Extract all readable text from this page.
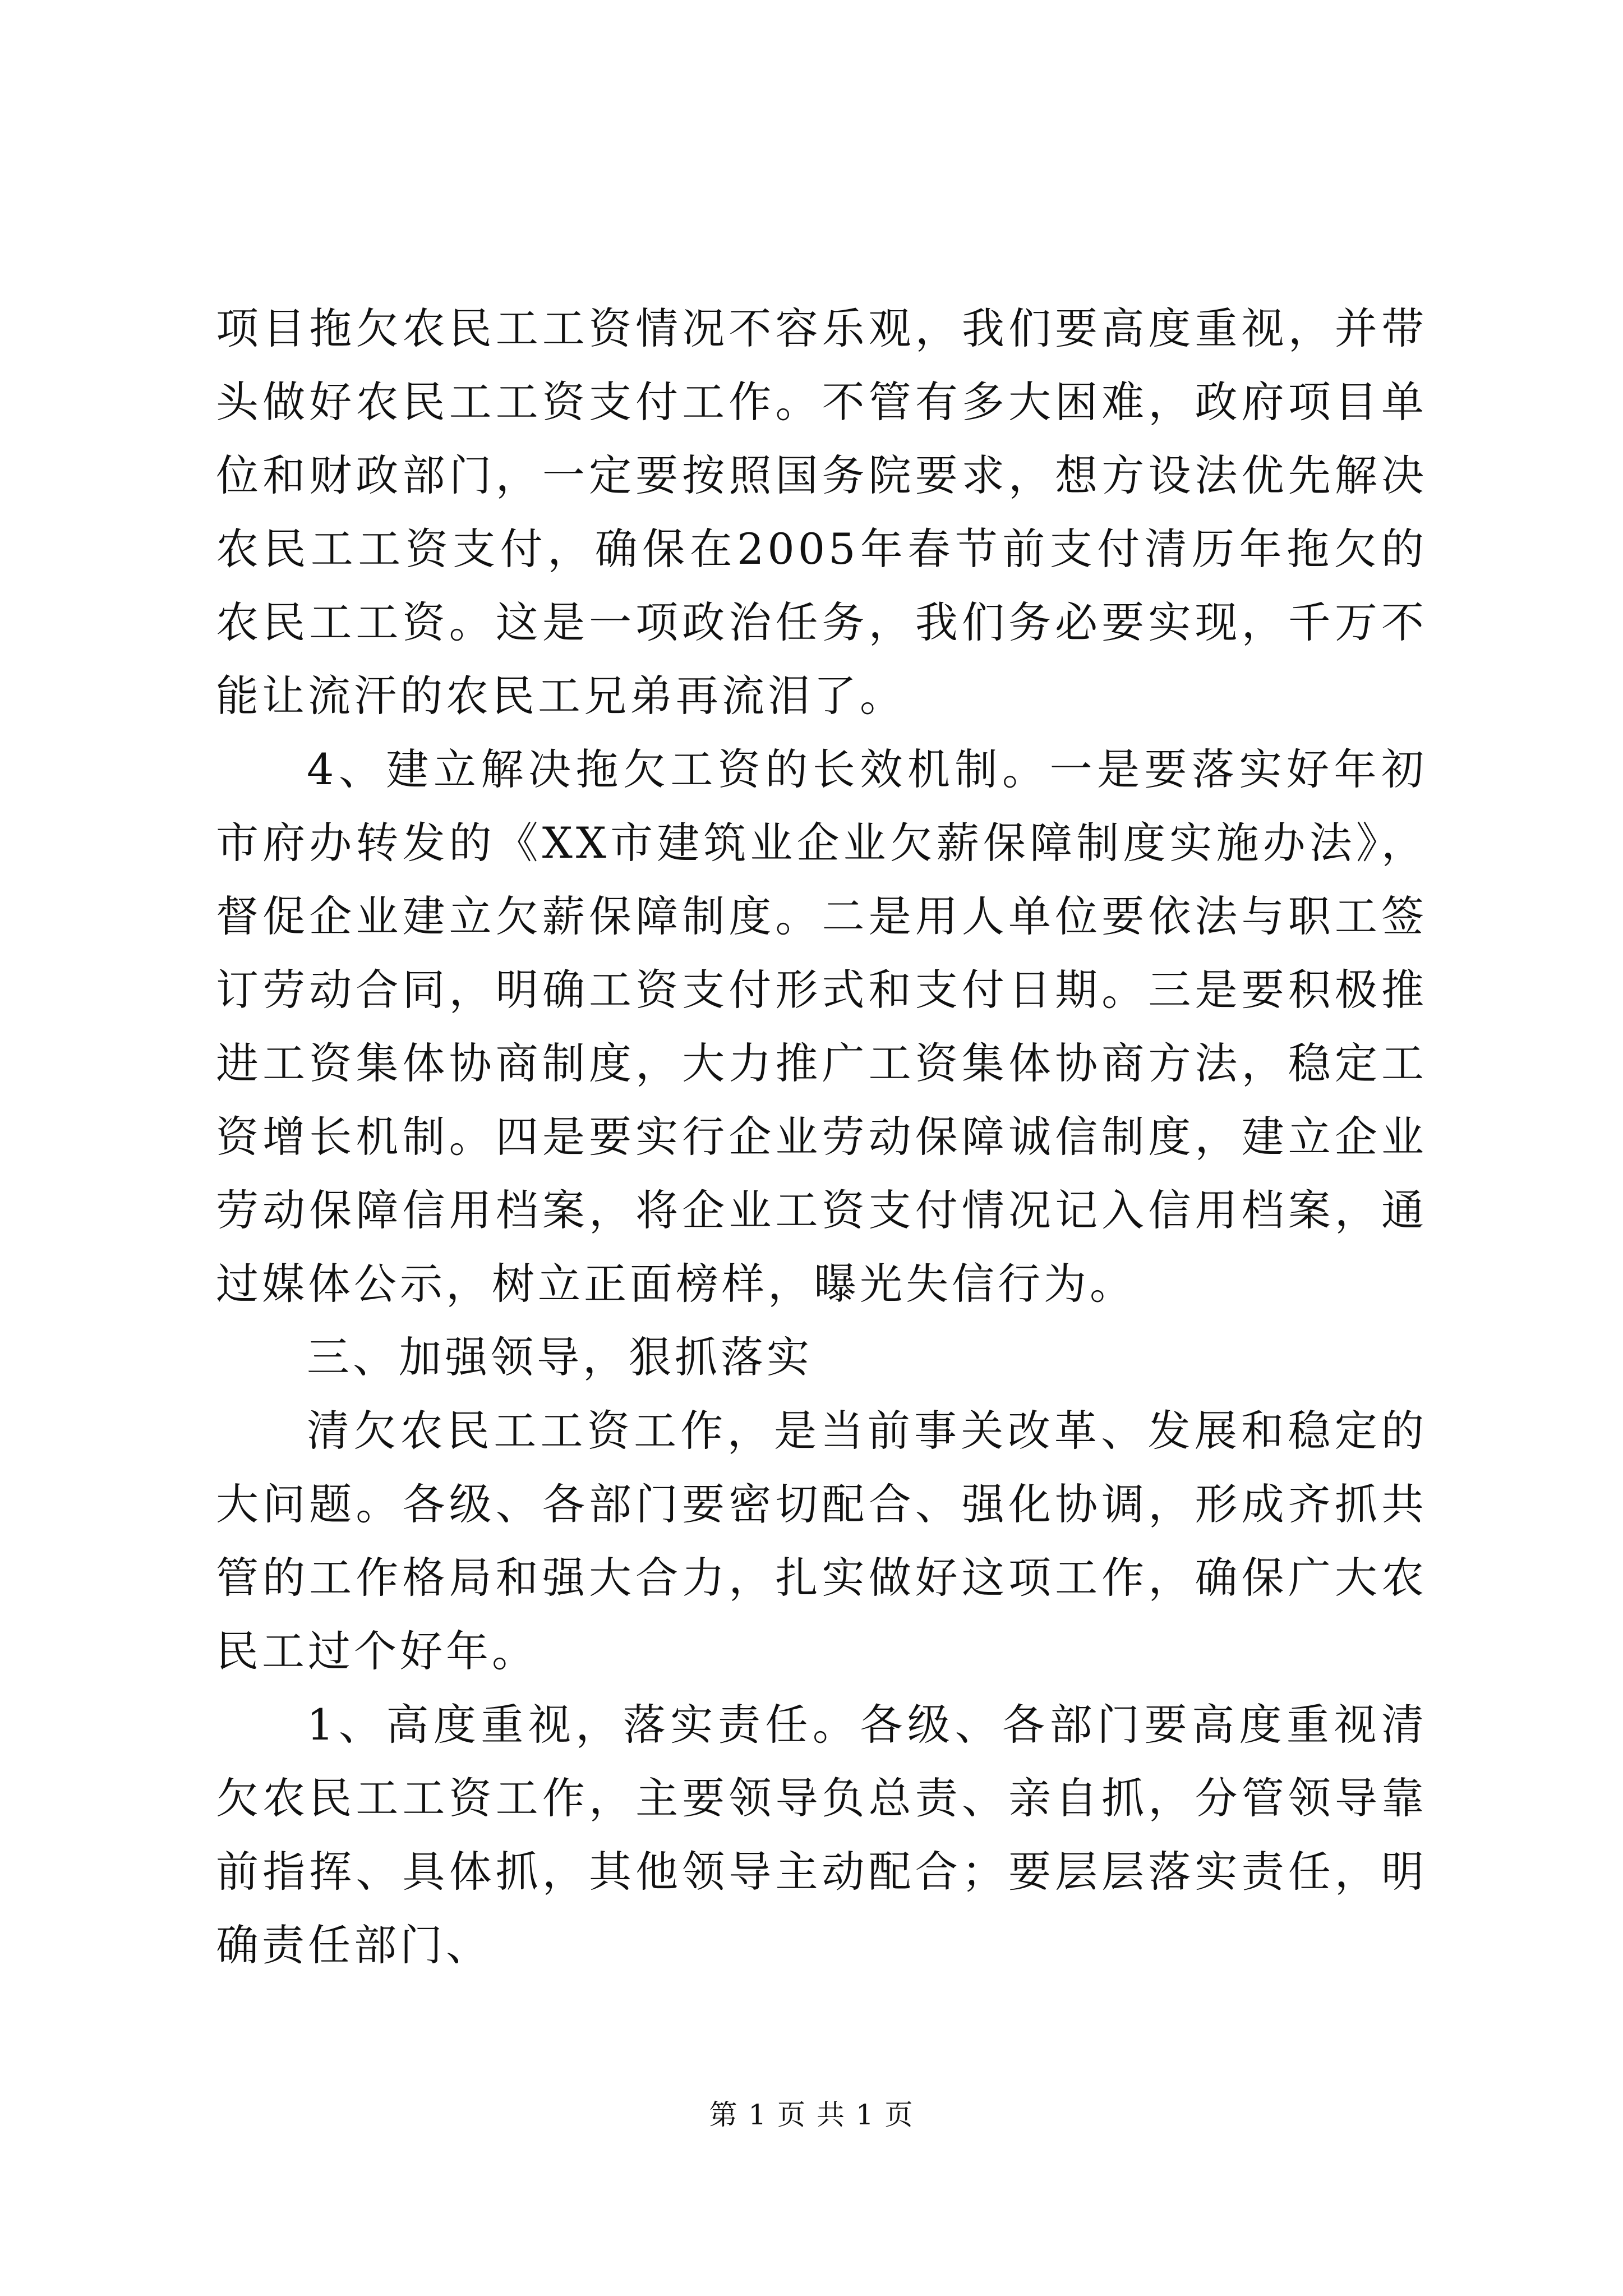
项目拖欠农民工工资情况不容乐观，我们要高度重视，并带头做好农民工工资支付工作。不管有多大困难，政府项目单位和财政部门，一定要按照国务院要求，想方设法优先解决农民工工资支付，确保在2005年春节前支付清历年拖欠的农民工工资。这是一项政治任务，我们务必要实现，千万不能让流汗的农民工兄弟再流泪了。

4、建立解决拖欠工资的长效机制。一是要落实好年初市府办转发的《XX市建筑业企业欠薪保障制度实施办法》，督促企业建立欠薪保障制度。二是用人单位要依法与职工签订劳动合同，明确工资支付形式和支付日期。三是要积极推进工资集体协商制度，大力推广工资集体协商方法，稳定工资增长机制。四是要实行企业劳动保障诚信制度，建立企业劳动保障信用档案，将企业工资支付情况记入信用档案，通过媒体公示，树立正面榜样，曝光失信行为。

三、加强领导，狠抓落实

清欠农民工工资工作，是当前事关改革、发展和稳定的大问题。各级、各部门要密切配合、强化协调，形成齐抓共管的工作格局和强大合力，扎实做好这项工作，确保广大农民工过个好年。

1、高度重视，落实责任。各级、各部门要高度重视清欠农民工工资工作，主要领导负总责、亲自抓，分管领导靠前指挥、具体抓，其他领导主动配合；要层层落实责任，明确责任部门、

第 1 页 共 1 页
